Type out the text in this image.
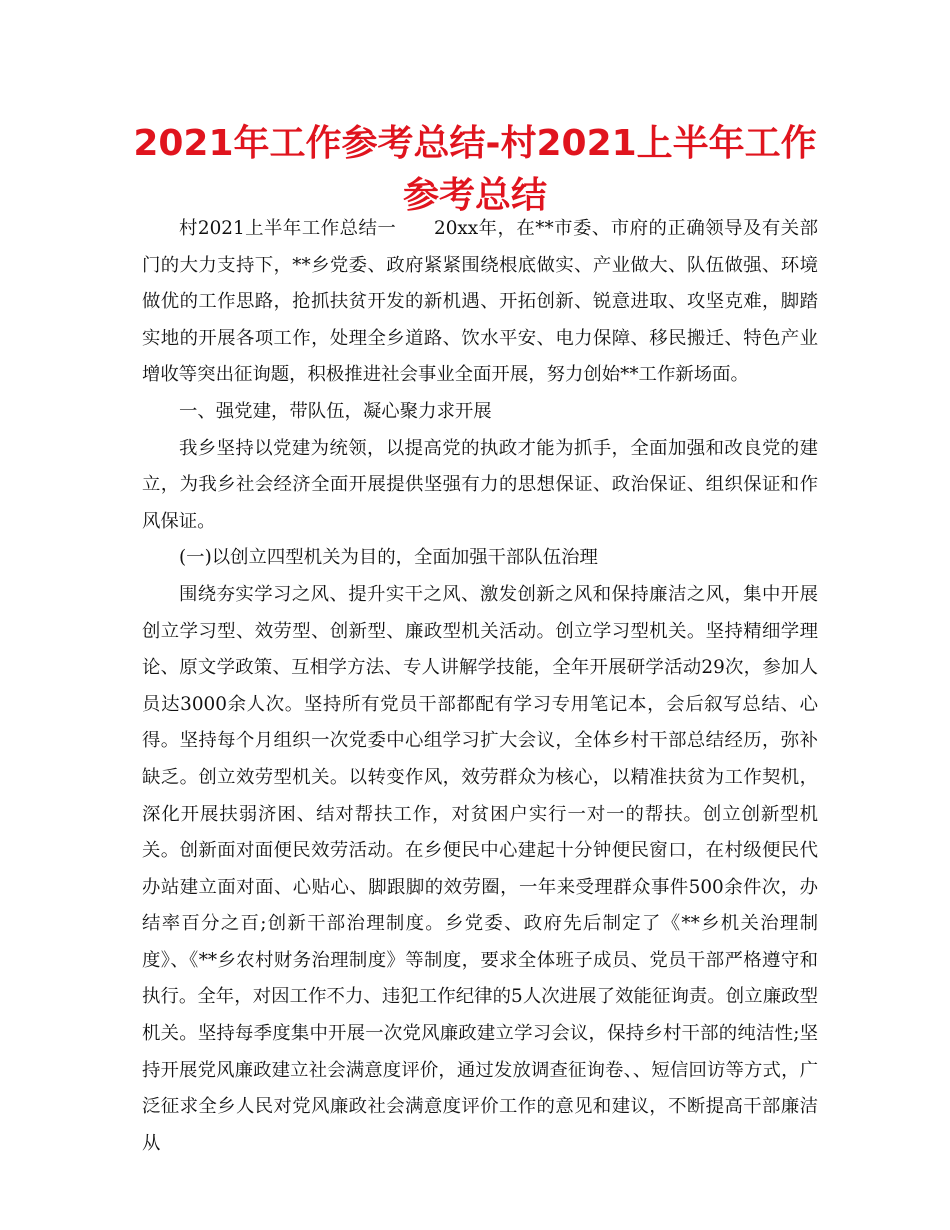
2021年工作参考总结-村2021上半年工作参考总结

村2021上半年工作总结一　　20xx年，在**市委、市府的正确领导及有关部门的大力支持下，**乡党委、政府紧紧围绕根底做实、产业做大、队伍做强、环境做优的工作思路，抢抓扶贫开发的新机遇、开拓创新、锐意进取、攻坚克难，脚踏实地的开展各项工作，处理全乡道路、饮水平安、电力保障、移民搬迁、特色产业增收等突出征询题，积极推进社会事业全面开展，努力创始**工作新场面。

一、强党建，带队伍，凝心聚力求开展

我乡坚持以党建为统领，以提高党的执政才能为抓手，全面加强和改良党的建立，为我乡社会经济全面开展提供坚强有力的思想保证、政治保证、组织保证和作风保证。

(一)以创立四型机关为目的，全面加强干部队伍治理

围绕夯实学习之风、提升实干之风、激发创新之风和保持廉洁之风，集中开展创立学习型、效劳型、创新型、廉政型机关活动。创立学习型机关。坚持精细学理论、原文学政策、互相学方法、专人讲解学技能，全年开展研学活动29次，参加人员达3000余人次。坚持所有党员干部都配有学习专用笔记本，会后叙写总结、心得。坚持每个月组织一次党委中心组学习扩大会议，全体乡村干部总结经历，弥补缺乏。创立效劳型机关。以转变作风，效劳群众为核心，以精准扶贫为工作契机，深化开展扶弱济困、结对帮扶工作，对贫困户实行一对一的帮扶。创立创新型机关。创新面对面便民效劳活动。在乡便民中心建起十分钟便民窗口，在村级便民代办站建立面对面、心贴心、脚跟脚的效劳圈，一年来受理群众事件500余件次，办结率百分之百;创新干部治理制度。乡党委、政府先后制定了《**乡机关治理制度》、《**乡农村财务治理制度》等制度，要求全体班子成员、党员干部严格遵守和执行。全年，对因工作不力、违犯工作纪律的5人次进展了效能征询责。创立廉政型机关。坚持每季度集中开展一次党风廉政建立学习会议，保持乡村干部的纯洁性;坚持开展党风廉政建立社会满意度评价，通过发放调查征询卷、、短信回访等方式，广泛征求全乡人民对党风廉政社会满意度评价工作的意见和建议，不断提高干部廉洁从
